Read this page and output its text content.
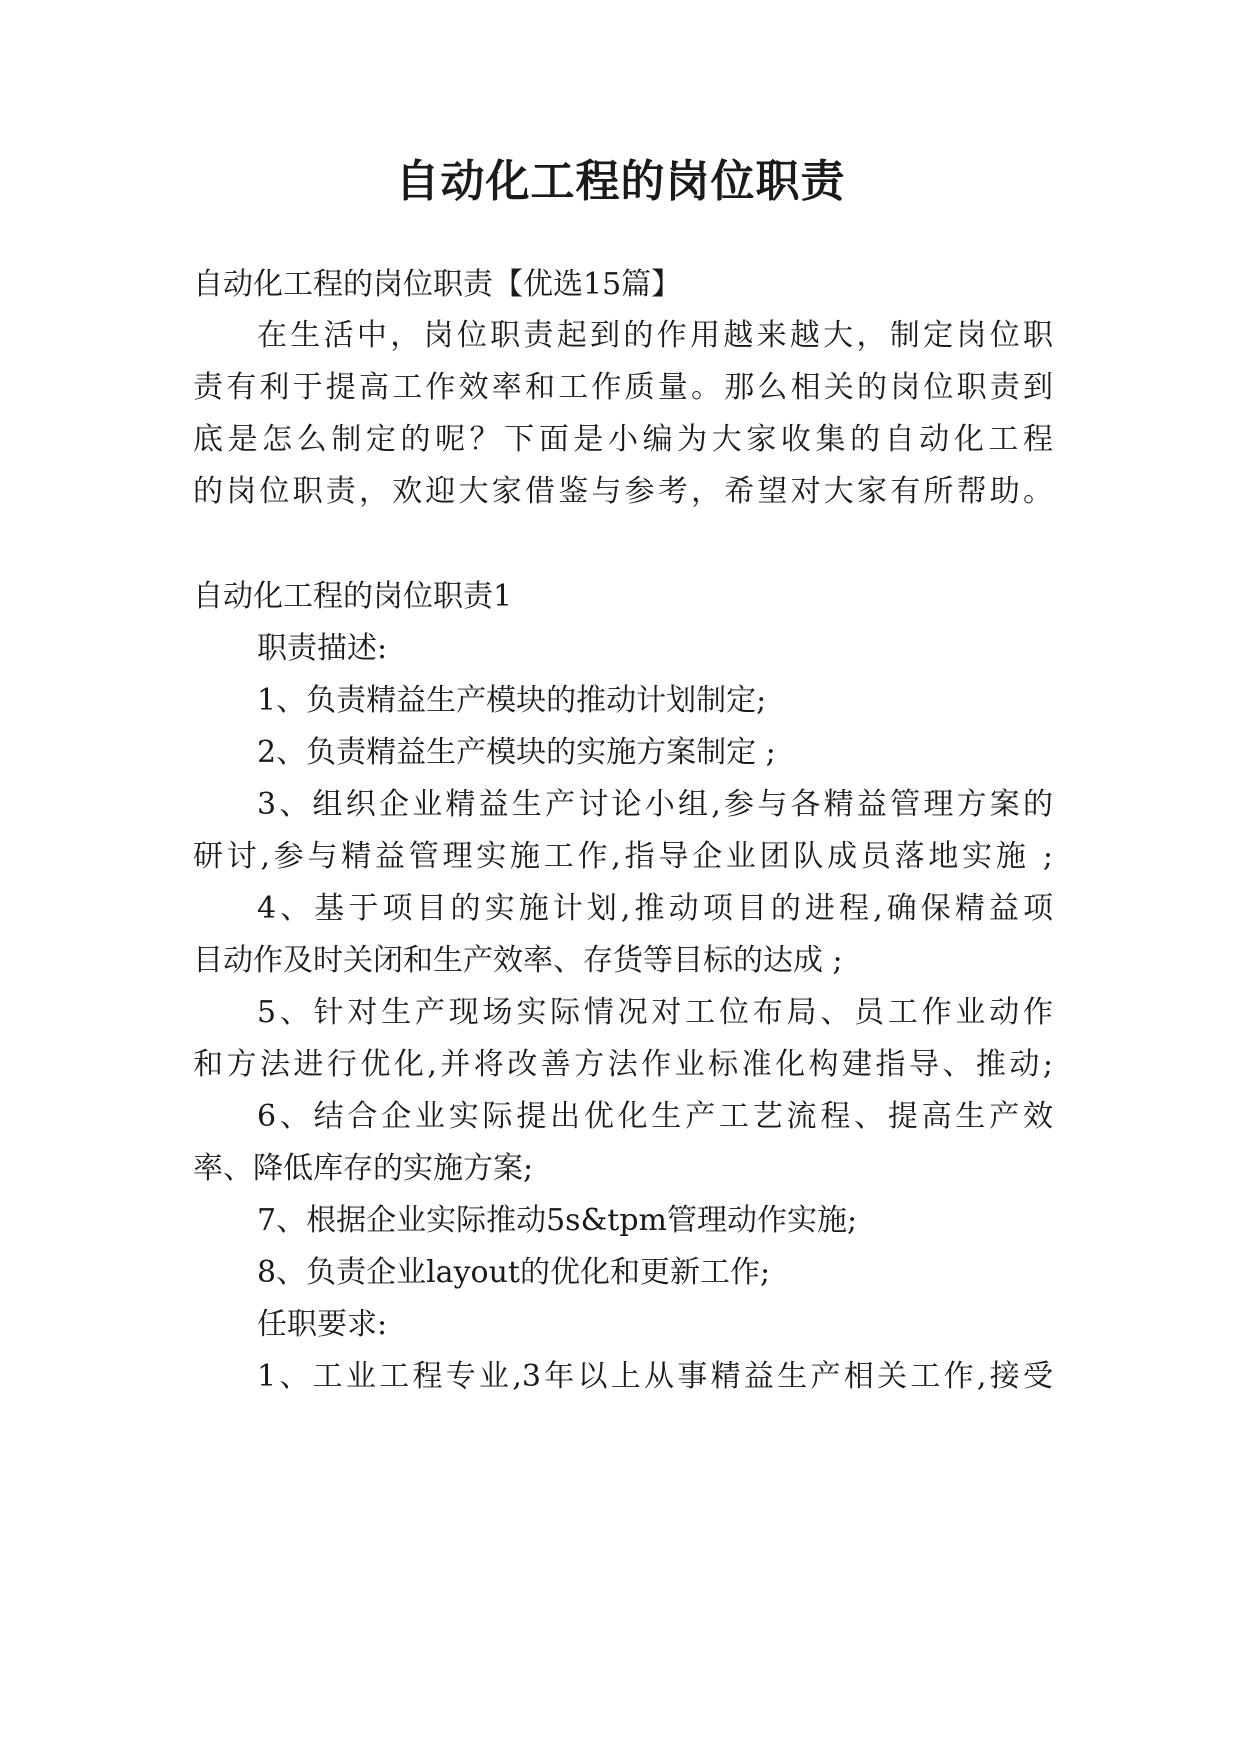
自动化工程的岗位职责
自动化工程的岗位职责【优选15篇】
在生活中，岗位职责起到的作用越来越大，制定岗位职
责有利于提高工作效率和工作质量。那么相关的岗位职责到
底是怎么制定的呢？下面是小编为大家收集的自动化工程
的岗位职责，欢迎大家借鉴与参考，希望对大家有所帮助。
自动化工程的岗位职责1
职责描述:
1、负责精益生产模块的推动计划制定;
2、负责精益生产模块的实施方案制定 ;
3、组织企业精益生产讨论小组,参与各精益管理方案的
研讨,参与精益管理实施工作,指导企业团队成员落地实施 ;
4、基于项目的实施计划,推动项目的进程,确保精益项
目动作及时关闭和生产效率、存货等目标的达成 ;
5、针对生产现场实际情况对工位布局、员工作业动作
和方法进行优化,并将改善方法作业标准化构建指导、推动;
6、结合企业实际提出优化生产工艺流程、提高生产效
率、降低库存的实施方案;
7、根据企业实际推动5s&tpm管理动作实施;
8、负责企业layout的优化和更新工作;
任职要求:
1、工业工程专业,3年以上从事精益生产相关工作,接受
